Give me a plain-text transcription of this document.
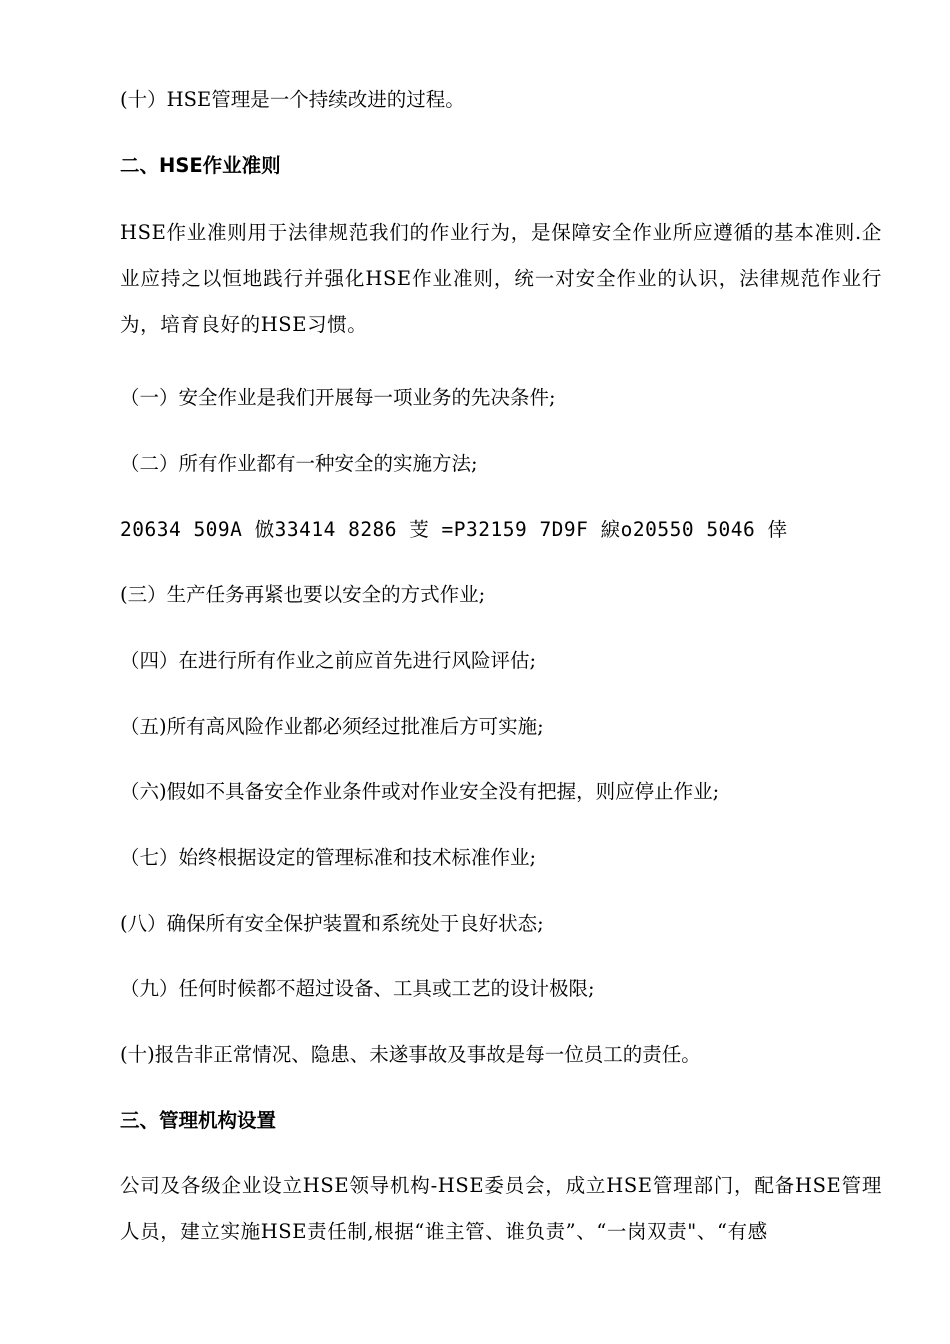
(十）HSE管理是一个持续改进的过程。
二、HSE作业准则
HSE作业准则用于法律规范我们的作业行为，是保障安全作业所应遵循的基本准则.企业应持之以恒地践行并强化HSE作业准则，统一对安全作业的认识，法律规范作业行为，培育良好的HSE习惯。
（一）安全作业是我们开展每一项业务的先决条件;
（二）所有作业都有一种安全的实施方法;
20634 509A 倣33414 8286 芰 =P32159 7D9F 綟o20550 5046 倖
(三）生产任务再紧也要以安全的方式作业;
（四）在进行所有作业之前应首先进行风险评估;
（五)所有高风险作业都必须经过批准后方可实施;
（六)假如不具备安全作业条件或对作业安全没有把握，则应停止作业;
（七）始终根据设定的管理标准和技术标准作业;
(八）确保所有安全保护装置和系统处于良好状态;
（九）任何时候都不超过设备、工具或工艺的设计极限;
(十)报告非正常情况、隐患、未遂事故及事故是每一位员工的责任。
三、管理机构设置
公司及各级企业设立HSE领导机构-HSE委员会，成立HSE管理部门，配备HSE管理人员，建立实施HSE责任制,根据“谁主管、谁负责”、“一岗双责"、“有感
